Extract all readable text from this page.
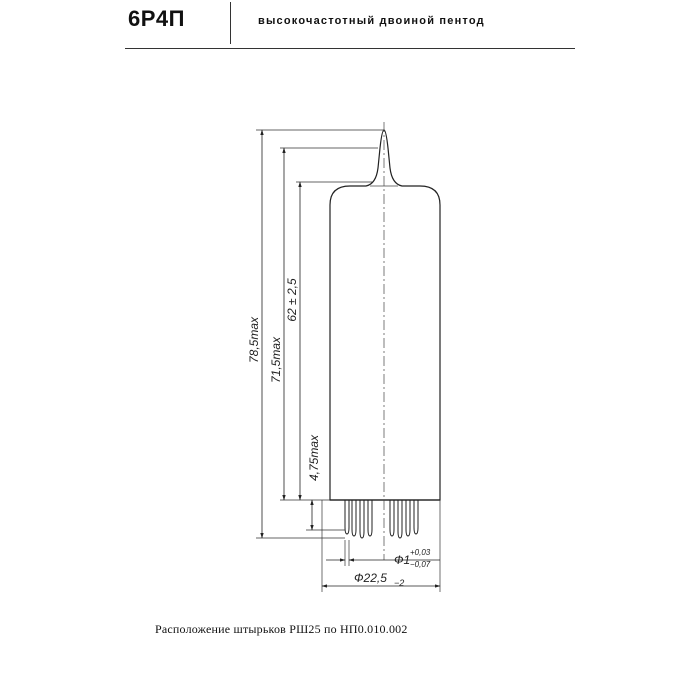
6Р4П	высокочастотный двоиной пентод
78,5max 71,5max
62 ± 2,5
4,75max
Ф1
+0,03
−0,07
Ф22,5 −2
Расположение штырьков РШ25 по НП0.010.002
